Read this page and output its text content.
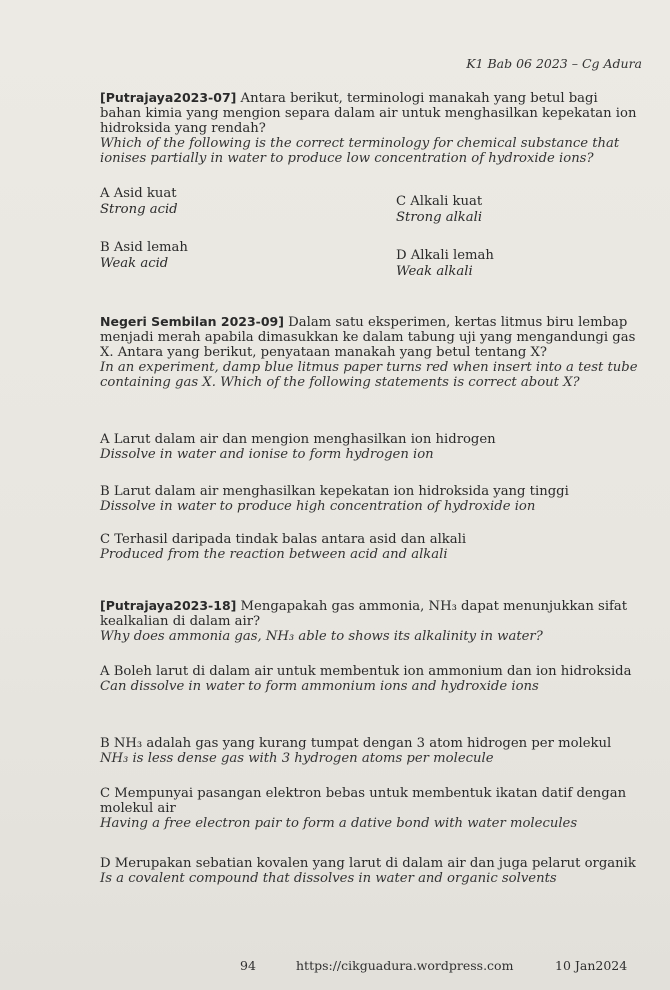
K1 Bab 06 2023 – Cg Adura
[Putrajaya2023-07] Antara berikut, terminologi manakah yang betul bagi bahan kimia yang mengion separa dalam air untuk menghasilkan kepekatan ion hidroksida yang rendah?
Which of the following is the correct terminology for chemical substance that ionises partially in water to produce low concentration of hydroxide ions?
A Asid kuat
Strong acid
C Alkali kuat
Strong alkali
B Asid lemah
Weak acid
D Alkali lemah
Weak alkali
Negeri Sembilan 2023-09] Dalam satu eksperimen, kertas litmus biru lembap menjadi merah apabila dimasukkan ke dalam tabung uji yang mengandungi gas X. Antara yang berikut, penyataan manakah yang betul tentang X?
In an experiment, damp blue litmus paper turns red when insert into a test tube containing gas X. Which of the following statements is correct about X?
A Larut dalam air dan mengion menghasilkan ion hidrogen
Dissolve in water and ionise to form hydrogen ion
B Larut dalam air menghasilkan kepekatan ion hidroksida yang tinggi
Dissolve in water to produce high concentration of hydroxide ion
C Terhasil daripada tindak balas antara asid dan alkali
Produced from the reaction between acid and alkali
[Putrajaya2023-18] Mengapakah gas ammonia, NH₃ dapat menunjukkan sifat kealkalian di dalam air?
Why does ammonia gas, NH₃ able to shows its alkalinity in water?
A Boleh larut di dalam air untuk membentuk ion ammonium dan ion hidroksida
Can dissolve in water to form ammonium ions and hydroxide ions
B NH₃ adalah gas yang kurang tumpat dengan 3 atom hidrogen per molekul
NH₃ is less dense gas with 3 hydrogen atoms per molecule
C Mempunyai pasangan elektron bebas untuk membentuk ikatan datif dengan molekul air
Having a free electron pair to form a dative bond with water molecules
D Merupakan sebatian kovalen yang larut di dalam air dan juga pelarut organik
Is a covalent compound that dissolves in water and organic solvents
94	https://cikguadura.wordpress.com	10 Jan2024
